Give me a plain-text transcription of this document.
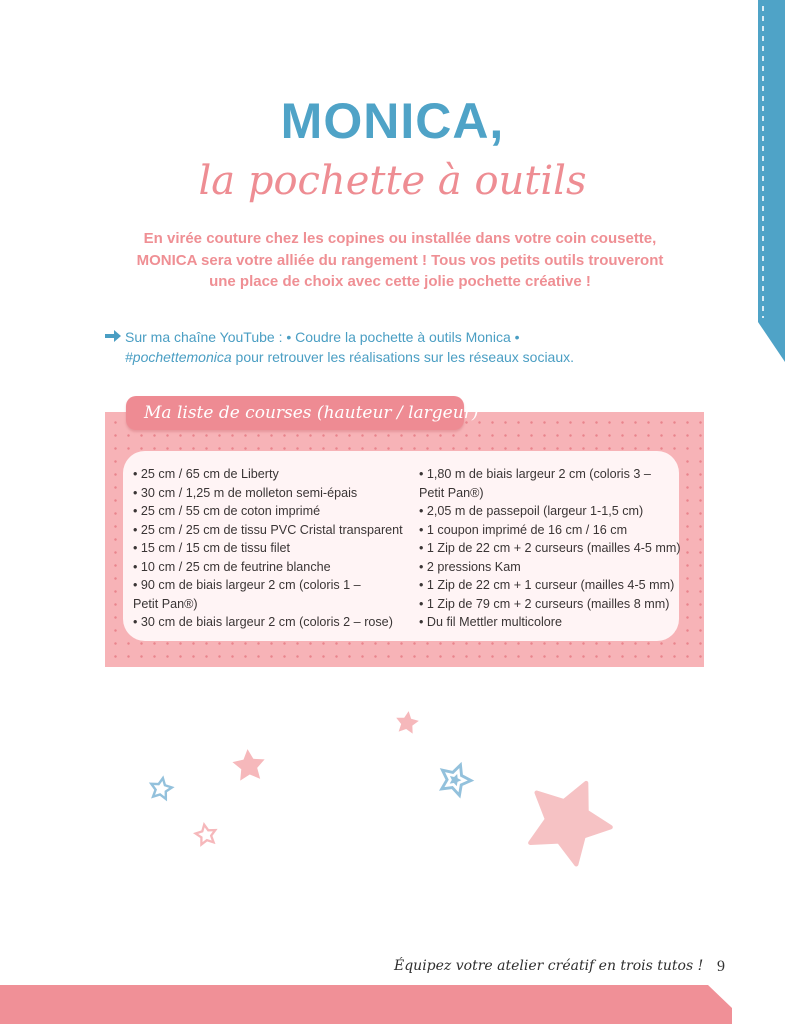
MONICA,
la pochette à outils
En virée couture chez les copines ou installée dans votre coin cousette,
MONICA sera votre alliée du rangement ! Tous vos petits outils trouveront
une place de choix avec cette jolie pochette créative !
Sur ma chaîne YouTube : • Coudre la pochette à outils Monica •
#pochettemonica pour retrouver les réalisations sur les réseaux sociaux.
Ma liste de courses (hauteur / largeur)
• 25 cm / 65 cm de Liberty
• 30 cm / 1,25 m de molleton semi-épais
• 25 cm / 55 cm de coton imprimé
• 25 cm / 25 cm de tissu PVC Cristal transparent
• 15 cm / 15 cm de tissu filet
• 10 cm / 25 cm de feutrine blanche
• 90 cm de biais largeur 2 cm (coloris 1 – Petit Pan®)
• 30 cm de biais largeur 2 cm (coloris 2 – rose)
• 1,80 m de biais largeur 2 cm (coloris 3 – Petit Pan®)
• 2,05 m de passepoil (largeur 1-1,5 cm)
• 1 coupon imprimé de 16 cm / 16 cm
• 1 Zip de 22 cm + 2 curseurs (mailles 4-5 mm)
• 2 pressions Kam
• 1 Zip de 22 cm + 1 curseur (mailles 4-5 mm)
• 1 Zip de 79 cm + 2 curseurs (mailles 8 mm)
• Du fil Mettler multicolore
Équipez votre atelier créatif en trois tutos ! 9
